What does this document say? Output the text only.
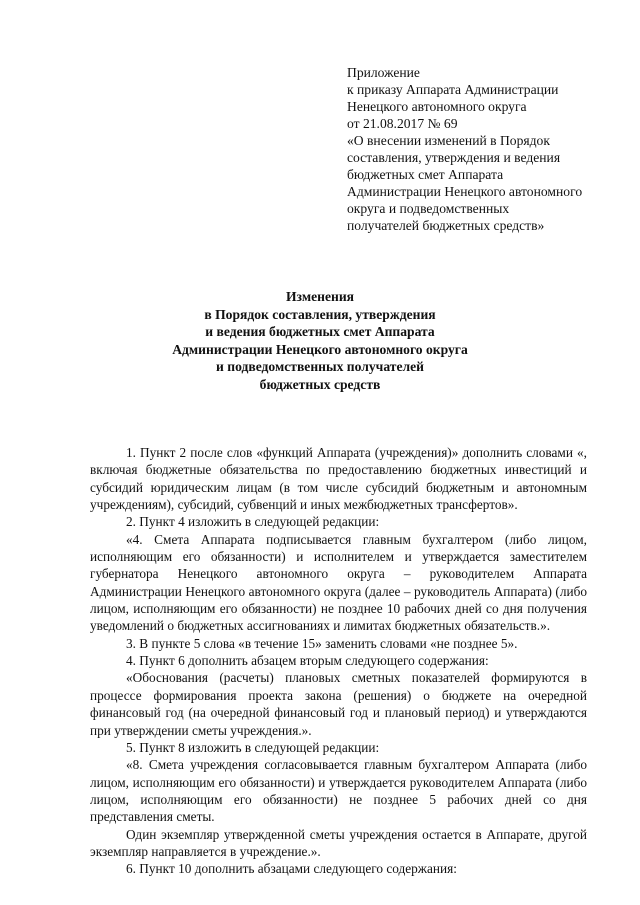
Приложение
к приказу Аппарата Администрации
Ненецкого автономного округа
от 21.08.2017 № 69
«О внесении изменений в Порядок
составления, утверждения и ведения
бюджетных смет Аппарата
Администрации Ненецкого автономного
округа и подведомственных
получателей бюджетных средств»
Изменения
в Порядок составления, утверждения
и ведения бюджетных смет Аппарата
Администрации Ненецкого автономного округа
и подведомственных получателей
бюджетных средств

1. Пункт 2 после слов «функций Аппарата (учреждения)» дополнить словами «, включая бюджетные обязательства по предоставлению бюджетных инвестиций и субсидий юридическим лицам (в том числе субсидий бюджетным и автономным учреждениям), субсидий, субвенций и иных межбюджетных трансфертов».

2. Пункт 4 изложить в следующей редакции:

«4. Смета Аппарата подписывается главным бухгалтером (либо лицом, исполняющим его обязанности) и исполнителем и утверждается заместителем губернатора Ненецкого автономного округа – руководителем Аппарата Администрации Ненецкого автономного округа (далее – руководитель Аппарата) (либо лицом, исполняющим его обязанности) не позднее 10 рабочих дней со дня получения уведомлений о бюджетных ассигнованиях и лимитах бюджетных обязательств.».

3. В пункте 5 слова «в течение 15» заменить словами «не позднее 5».

4. Пункт 6 дополнить абзацем вторым следующего содержания:

«Обоснования (расчеты) плановых сметных показателей формируются в процессе формирования проекта закона (решения) о бюджете на очередной финансовый год (на очередной финансовый год и плановый период) и утверждаются при утверждении сметы учреждения.».

5. Пункт 8 изложить в следующей редакции:

«8. Смета учреждения согласовывается главным бухгалтером Аппарата (либо лицом, исполняющим его обязанности) и утверждается руководителем Аппарата (либо лицом, исполняющим его обязанности) не позднее 5 рабочих дней со дня представления сметы.

Один экземпляр утвержденной сметы учреждения остается в Аппарате, другой экземпляр направляется в учреждение.».

6. Пункт 10 дополнить абзацами следующего содержания:
